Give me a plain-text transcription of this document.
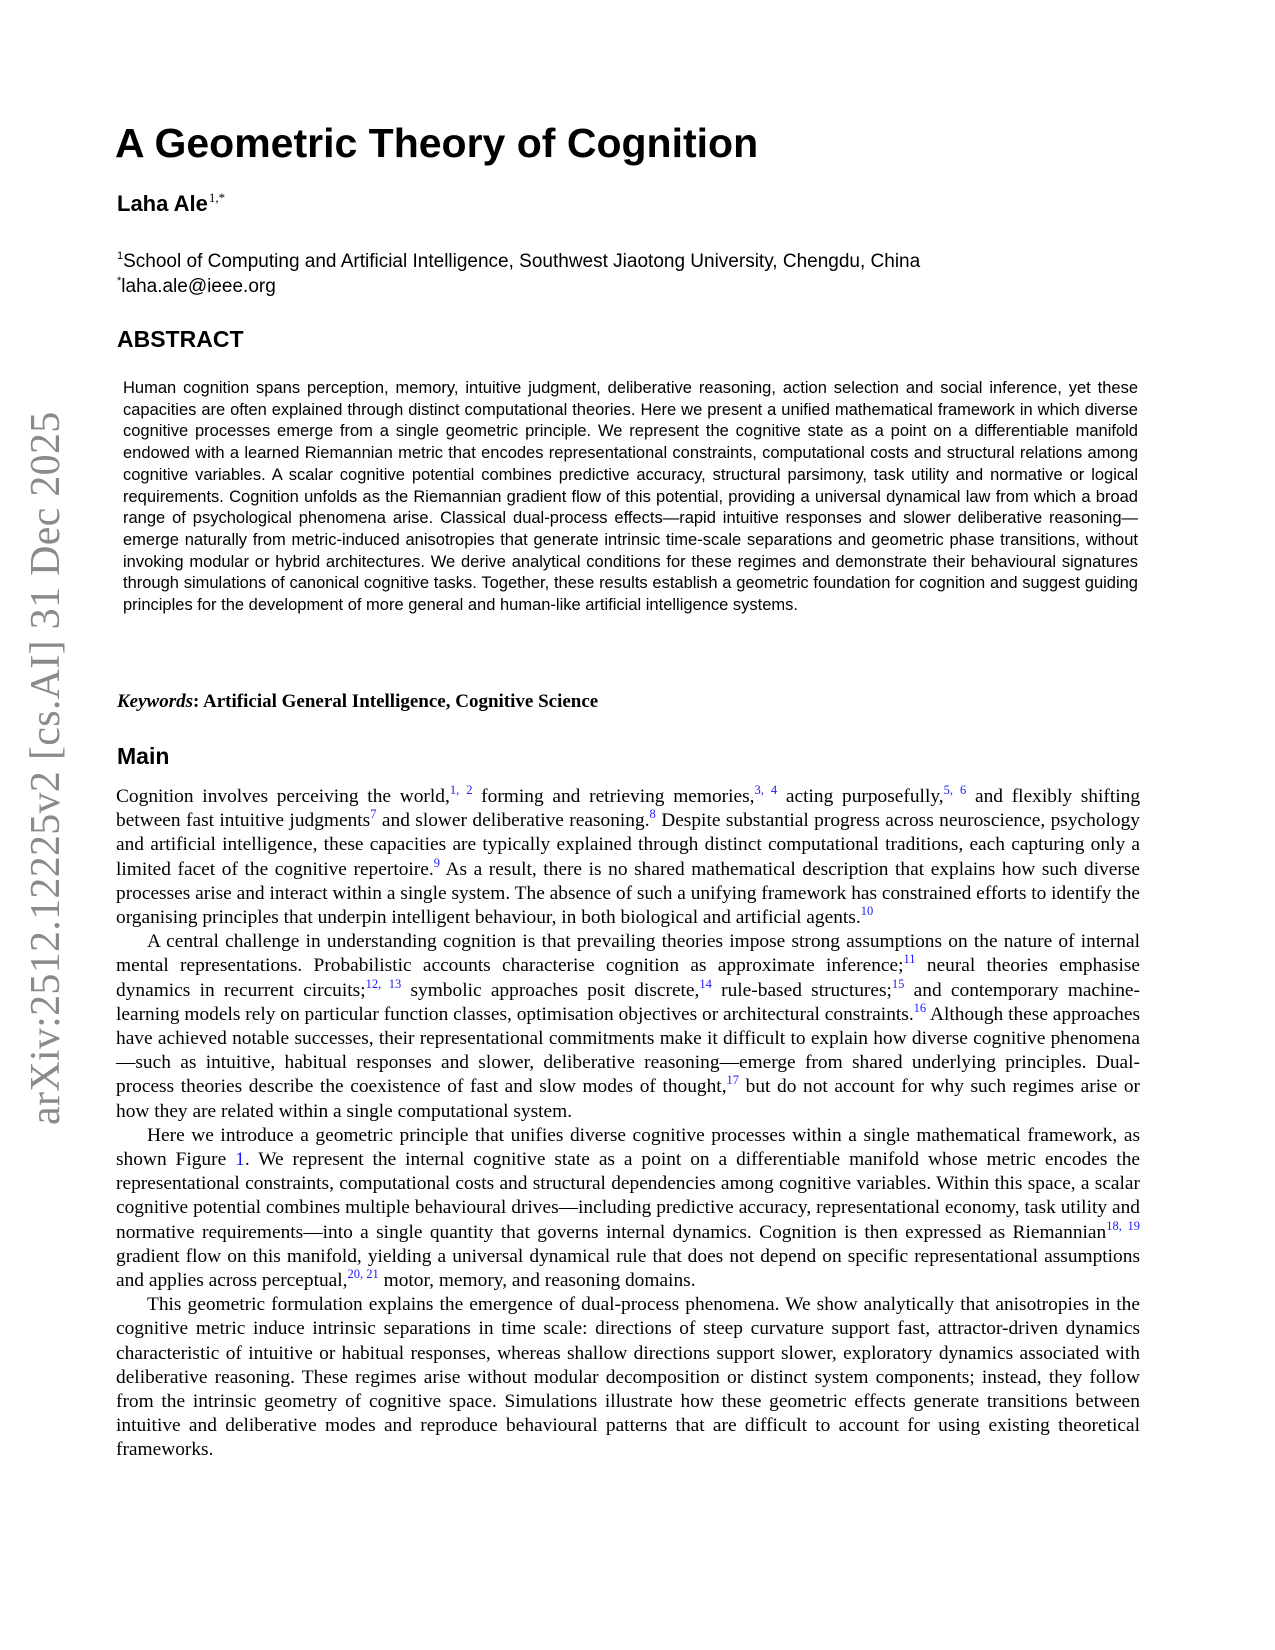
arXiv:2512.12225v2 [cs.AI] 31 Dec 2025
A Geometric Theory of Cognition
Laha Ale$^{1,*}$
$^1$School of Computing and Artificial Intelligence, Southwest Jiaotong University, Chengdu, China
*laha.ale@ieee.org
ABSTRACT

Human cognition spans perception, memory, intuitive judgment, deliberative reasoning, action selection and social inference, yet these capacities are often explained through distinct computational theories. Here we present a unified mathematical framework in which diverse cognitive processes emerge from a single geometric principle. We represent the cognitive state as a point on a differentiable manifold endowed with a learned Riemannian metric that encodes representational constraints, computational costs and structural relations among cognitive variables. A scalar cognitive potential combines predictive accuracy, structural parsimony, task utility and normative or logical requirements. Cognition unfolds as the Riemannian gradient flow of this potential, providing a universal dynamical law from which a broad range of psychological phenomena arise. Classical dual-process effects—rapid intuitive responses and slower deliberative reasoning—emerge naturally from metric-induced anisotropies that generate intrinsic time-scale separations and geometric phase transitions, without invoking modular or hybrid architectures. We derive analytical conditions for these regimes and demonstrate their behavioural signatures through simulations of canonical cognitive tasks. Together, these results establish a geometric foundation for cognition and suggest guiding principles for the development of more general and human-like artificial intelligence systems.

Keywords: Artificial General Intelligence, Cognitive Science
Main

Cognition involves perceiving the world,$^{1, 2}$ forming and retrieving memories,$^{3, 4}$ acting purposefully,$^{5, 6}$ and flexibly shifting between fast intuitive judgments$^7$ and slower deliberative reasoning.$^8$ Despite substantial progress across neuroscience, psychology and artificial intelligence, these capacities are typically explained through distinct computational traditions, each capturing only a limited facet of the cognitive repertoire.$^9$ As a result, there is no shared mathematical description that explains how such diverse processes arise and interact within a single system. The absence of such a unifying framework has constrained efforts to identify the organising principles that underpin intelligent behaviour, in both biological and artificial agents.$^{10}$

A central challenge in understanding cognition is that prevailing theories impose strong assumptions on the nature of internal mental representations. Probabilistic accounts characterise cognition as approximate inference;$^{11}$ neural theories emphasise dynamics in recurrent circuits;$^{12, 13}$ symbolic approaches posit discrete,$^{14}$ rule-based structures;$^{15}$ and contemporary machine-learning models rely on particular function classes, optimisation objectives or architectural constraints.$^{16}$ Although these approaches have achieved notable successes, their representational commitments make it difficult to explain how diverse cognitive phenomena—such as intuitive, habitual responses and slower, deliberative reasoning—emerge from shared underlying principles. Dual-process theories describe the coexistence of fast and slow modes of thought,$^{17}$ but do not account for why such regimes arise or how they are related within a single computational system.

Here we introduce a geometric principle that unifies diverse cognitive processes within a single mathematical framework, as shown Figure 1. We represent the internal cognitive state as a point on a differentiable manifold whose metric encodes the representational constraints, computational costs and structural dependencies among cognitive variables. Within this space, a scalar cognitive potential combines multiple behavioural drives—including predictive accuracy, representational economy, task utility and normative requirements—into a single quantity that governs internal dynamics. Cognition is then expressed as Riemannian$^{18, 19}$ gradient flow on this manifold, yielding a universal dynamical rule that does not depend on specific representational assumptions and applies across perceptual,$^{20, 21}$ motor, memory, and reasoning domains.

This geometric formulation explains the emergence of dual-process phenomena. We show analytically that anisotropies in the cognitive metric induce intrinsic separations in time scale: directions of steep curvature support fast, attractor-driven dynamics characteristic of intuitive or habitual responses, whereas shallow directions support slower, exploratory dynamics associated with deliberative reasoning. These regimes arise without modular decomposition or distinct system components; instead, they follow from the intrinsic geometry of cognitive space. Simulations illustrate how these geometric effects generate transitions between intuitive and deliberative modes and reproduce behavioural patterns that are difficult to account for using existing theoretical frameworks.
